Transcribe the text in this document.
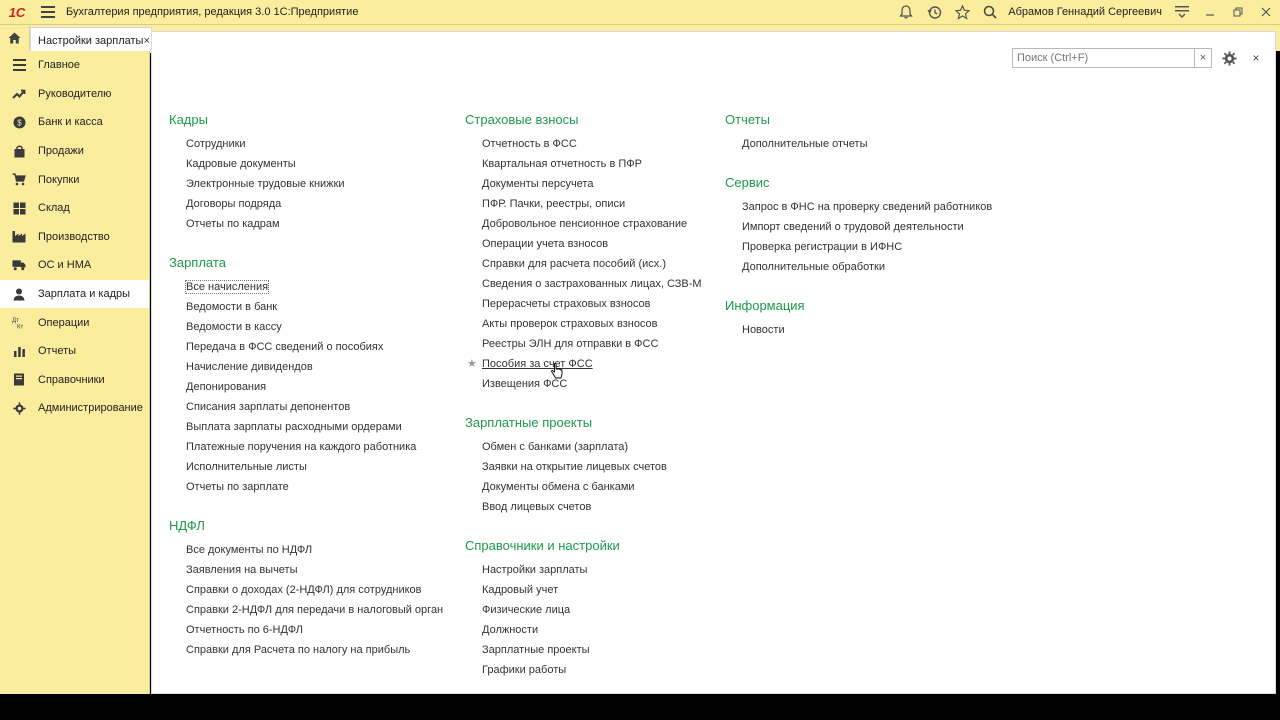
1С	Бухгалтерия предприятия, редакция 3.0 1С:Предприятие	Абрамов Геннадий Сергеевич
Настройки зарплаты ×
Главное
Руководителю
$ Банк и касса
Продажи
Покупки
Склад
Производство
ОС и НМА
Зарплата и кадры
Дт
Кт Операции
Отчеты
Справочники
Администрирование
Поиск (Ctrl+F)
×	×
Кадры
Сотрудники
Кадровые документы
Электронные трудовые книжки
Договоры подряда
Отчеты по кадрам
Зарплата
Все начисления
Ведомости в банк
Ведомости в кассу
Передача в ФСС сведений о пособиях
Начисление дивидендов
Депонирования
Списания зарплаты депонентов
Выплата зарплаты расходными ордерами
Платежные поручения на каждого работника
Исполнительные листы
Отчеты по зарплате
НДФЛ
Все документы по НДФЛ
Заявления на вычеты
Справки о доходах (2-НДФЛ) для сотрудников
Справки 2-НДФЛ для передачи в налоговый орган
Отчетность по 6-НДФЛ
Справки для Расчета по налогу на прибыль
Страховые взносы
Отчетность в ФСС
Квартальная отчетность в ПФР
Документы персучета
ПФР. Пачки, реестры, описи
Добровольное пенсионное страхование
Операции учета взносов
Справки для расчета пособий (исх.)
Сведения о застрахованных лицах, СЗВ-М
Перерасчеты страховых взносов
Акты проверок страховых взносов
Реестры ЭЛН для отправки в ФСС
★ Пособия за счет ФСС
Извещения ФСС
Зарплатные проекты
Обмен с банками (зарплата)
Заявки на открытие лицевых счетов
Документы обмена с банками
Ввод лицевых счетов
Справочники и настройки
Настройки зарплаты
Кадровый учет
Физические лица
Должности
Зарплатные проекты
Графики работы
Отчеты
Дополнительные отчеты
Сервис
Запрос в ФНС на проверку сведений работников
Импорт сведений о трудовой деятельности
Проверка регистрации в ИФНС
Дополнительные обработки
Информация
Новости
